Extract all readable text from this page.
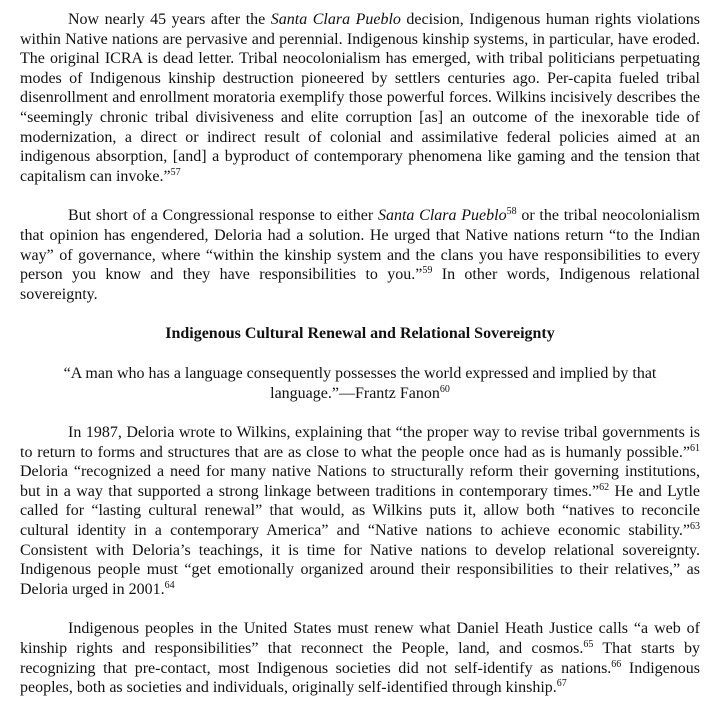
Now nearly 45 years after the Santa Clara Pueblo decision, Indigenous human rights violations within Native nations are pervasive and perennial. Indigenous kinship systems, in particular, have eroded. The original ICRA is dead letter. Tribal neocolonialism has emerged, with tribal politicians perpetuating modes of Indigenous kinship destruction pioneered by settlers centuries ago. Per-capita fueled tribal disenrollment and enrollment moratoria exemplify those powerful forces. Wilkins incisively describes the “seemingly chronic tribal divisiveness and elite corruption [as] an outcome of the inexorable tide of modernization, a direct or indirect result of colonial and assimilative federal policies aimed at an indigenous absorption, [and] a byproduct of contemporary phenomena like gaming and the tension that capitalism can invoke.”$^{57}$

But short of a Congressional response to either Santa Clara Pueblo$^{58}$ or the tribal neocolonialism that opinion has engendered, Deloria had a solution. He urged that Native nations return “to the Indian way” of governance, where “within the kinship system and the clans you have responsibilities to every person you know and they have responsibilities to you.”$^{59}$ In other words, Indigenous relational sovereignty.

Indigenous Cultural Renewal and Relational Sovereignty

“A man who has a language consequently possesses the world expressed and implied by that language.”—Frantz Fanon$^{60}$

In 1987, Deloria wrote to Wilkins, explaining that “the proper way to revise tribal governments is to return to forms and structures that are as close to what the people once had as is humanly possible.”$^{61}$ Deloria “recognized a need for many native Nations to structurally reform their governing institutions, but in a way that supported a strong linkage between traditions in contemporary times.”$^{62}$ He and Lytle called for “lasting cultural renewal” that would, as Wilkins puts it, allow both “natives to reconcile cultural identity in a contemporary America” and “Native nations to achieve economic stability.”$^{63}$ Consistent with Deloria’s teachings, it is time for Native nations to develop relational sovereignty. Indigenous people must “get emotionally organized around their responsibilities to their relatives,” as Deloria urged in 2001.64

Indigenous peoples in the United States must renew what Daniel Heath Justice calls “a web of kinship rights and responsibilities” that reconnect the People, land, and cosmos.$^{65}$ That starts by recognizing that pre-contact, most Indigenous societies did not self-identify as nations.$^{66}$ Indigenous peoples, both as societies and individuals, originally self-identified through kinship.$^{67}$
